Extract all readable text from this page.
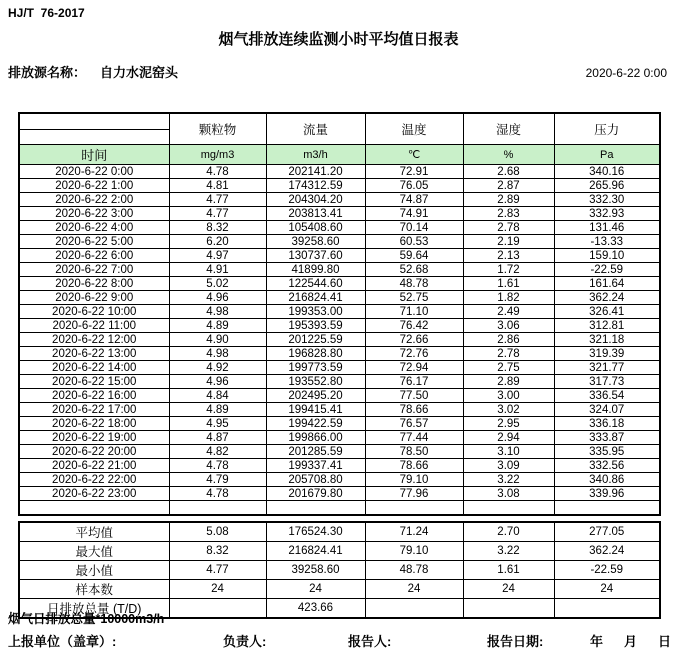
HJ/T  76-2017
烟气排放连续监测小时平均值日报表
排放源名称： 自力水泥窑头	2020-6-22 0:00
	颗粒物	流量	温度	湿度	压力

时间	mg/m3	m3/h	℃	%	Pa
2020-6-22 0:00	4.78	202141.20	72.91	2.68	340.16
2020-6-22 1:00	4.81	174312.59	76.05	2.87	265.96
2020-6-22 2:00	4.77	204304.20	74.87	2.89	332.30
2020-6-22 3:00	4.77	203813.41	74.91	2.83	332.93
2020-6-22 4:00	8.32	105408.60	70.14	2.78	131.46
2020-6-22 5:00	6.20	39258.60	60.53	2.19	-13.33
2020-6-22 6:00	4.97	130737.60	59.64	2.13	159.10
2020-6-22 7:00	4.91	41899.80	52.68	1.72	-22.59
2020-6-22 8:00	5.02	122544.60	48.78	1.61	161.64
2020-6-22 9:00	4.96	216824.41	52.75	1.82	362.24
2020-6-22 10:00	4.98	199353.00	71.10	2.49	326.41
2020-6-22 11:00	4.89	195393.59	76.42	3.06	312.81
2020-6-22 12:00	4.90	201225.59	72.66	2.86	321.18
2020-6-22 13:00	4.98	196828.80	72.76	2.78	319.39
2020-6-22 14:00	4.92	199773.59	72.94	2.75	321.77
2020-6-22 15:00	4.96	193552.80	76.17	2.89	317.73
2020-6-22 16:00	4.84	202495.20	77.50	3.00	336.54
2020-6-22 17:00	4.89	199415.41	78.66	3.02	324.07
2020-6-22 18:00	4.95	199422.59	76.57	2.95	336.18
2020-6-22 19:00	4.87	199866.00	77.44	2.94	333.87
2020-6-22 20:00	4.82	201285.59	78.50	3.10	335.95
2020-6-22 21:00	4.78	199337.41	78.66	3.09	332.56
2020-6-22 22:00	4.79	205708.80	79.10	3.22	340.86
2020-6-22 23:00	4.78	201679.80	77.96	3.08	339.96

平均值	5.08	176524.30	71.24	2.70	277.05
最大值	8.32	216824.41	79.10	3.22	362.24
最小值	4.77	39258.60	48.78	1.61	-22.59
样本数	24	24	24	24	24
日排放总量 (T/D)		423.66			
烟气日排放总量*10000m3/h
上报单位（盖章）:	负责人:	报告人:	报告日期:	年 月 日
